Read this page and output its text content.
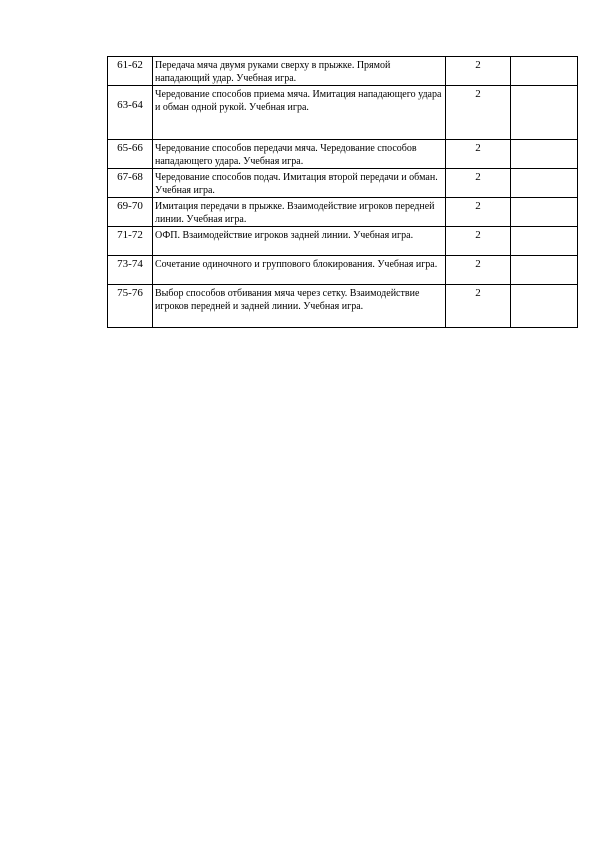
61-62	Передача мяча двумя руками сверху в прыжке. Прямой нападающий удар. Учебная игра.	2	
63-64	Чередование способов приема мяча. Имитация нападающего удара и обман одной рукой. Учебная игра.	2	
65-66	Чередование способов передачи мяча. Чередование способов нападающего удара. Учебная игра.	2	
67-68	Чередование способов подач. Имитация второй передачи и обман. Учебная игра.	2	
69-70	Имитация передачи в прыжке. Взаимодействие игроков передней линии. Учебная игра.	2	
71-72	ОФП. Взаимодействие игроков задней линии. Учебная игра.	2	
73-74	Сочетание одиночного и группового блокирования. Учебная игра.	2	
75-76	Выбор способов отбивания мяча через сетку. Взаимодействие игроков передней и задней линии. Учебная игра.	2	
